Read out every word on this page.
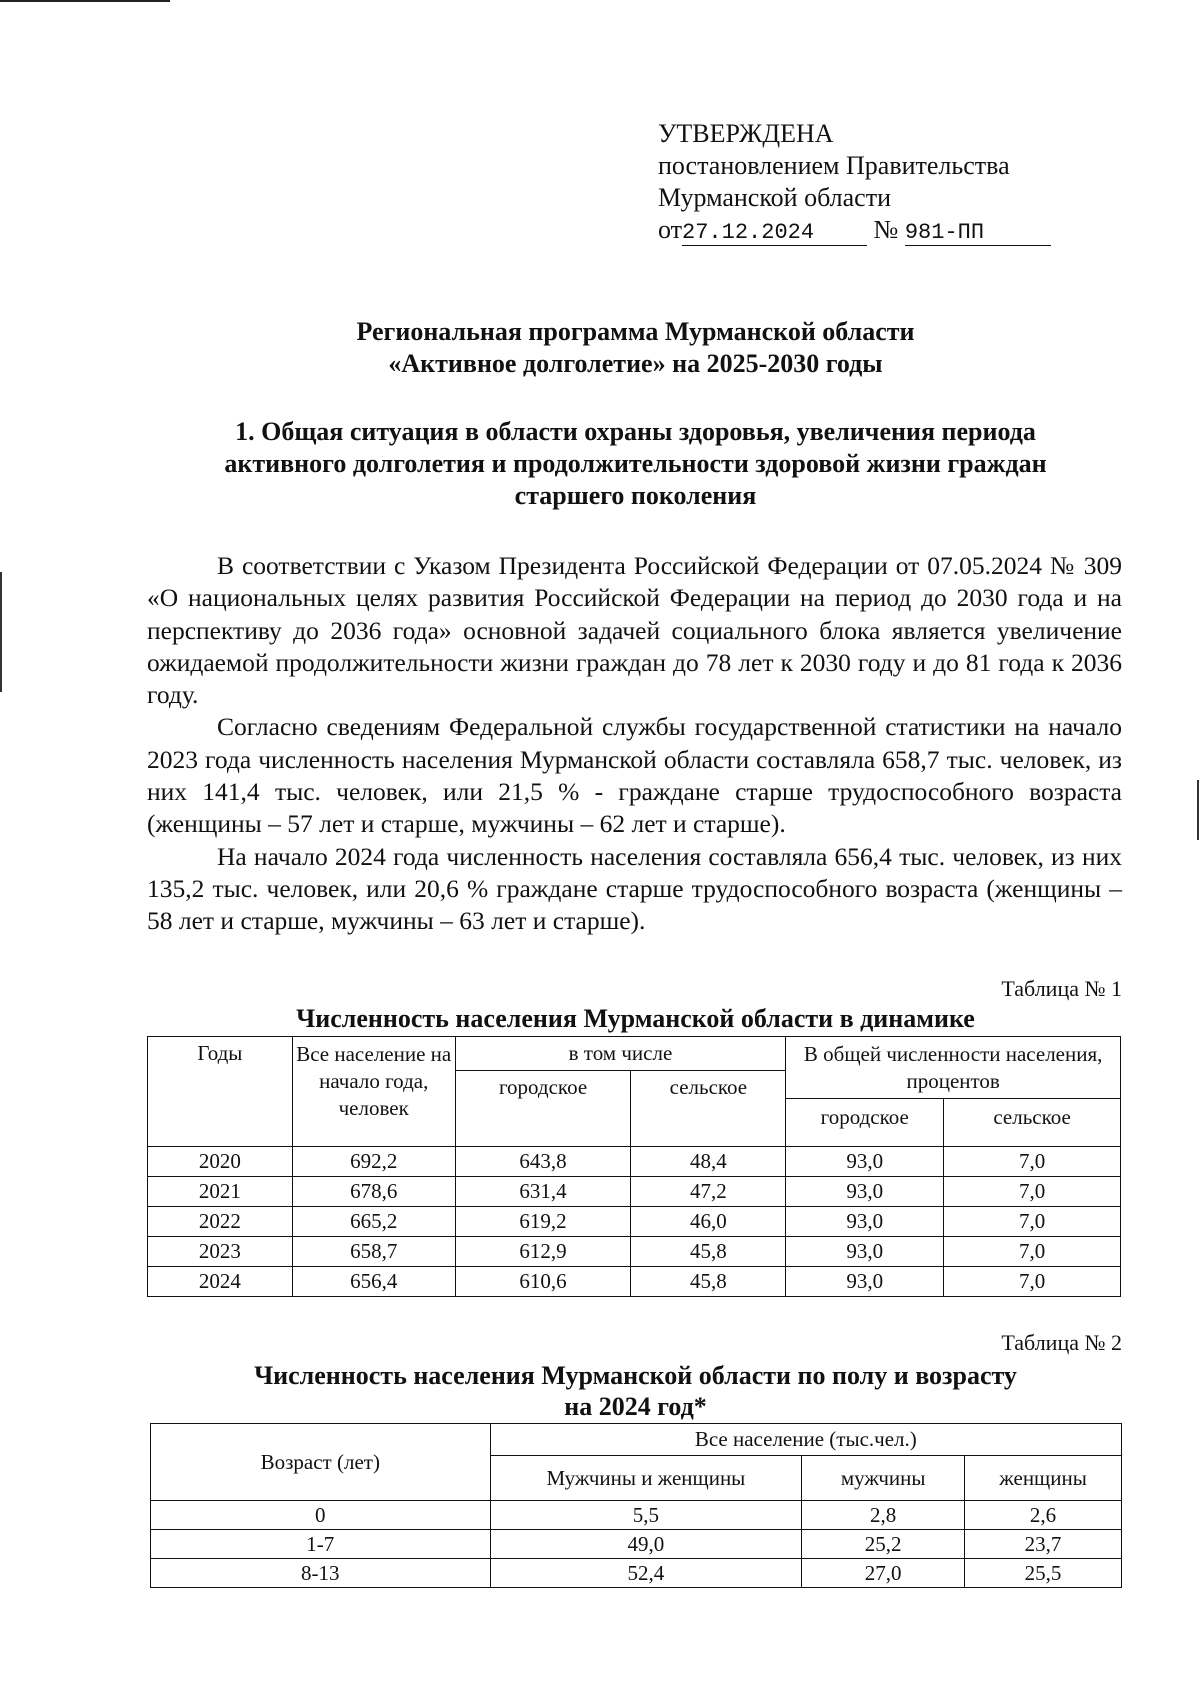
УТВЕРЖДЕНА
постановлением Правительства
Мурманской области
от27.12.2024 № 981-ПП
Региональная программа Мурманской области
«Активное долголетие» на 2025-2030 годы
1. Общая ситуация в области охраны здоровья, увеличения периода
активного долголетия и продолжительности здоровой жизни граждан
старшего поколения

В соответствии с Указом Президента Российской Федерации от 07.05.2024 № 309 «О национальных целях развития Российской Федерации на период до 2030 года и на перспективу до 2036 года» основной задачей социального блока является увеличение ожидаемой продолжительности жизни граждан до 78 лет к 2030 году и до 81 года к 2036 году.

Согласно сведениям Федеральной службы государственной статистики на начало 2023 года численность населения Мурманской области составляла 658,7 тыс. человек, из них 141,4 тыс. человек, или 21,5 % - граждане старше трудоспособного возраста (женщины – 57 лет и старше, мужчины – 62 лет и старше).

На начало 2024 года численность населения составляла 656,4 тыс. человек, из них 135,2 тыс. человек, или 20,6 % граждане старше трудоспособного возраста (женщины – 58 лет и старше, мужчины – 63 лет и старше).

Таблица № 1
Численность населения Мурманской области в динамике
Годы	Все население на начало года, человек	в том числе		В общей численности населения, процентов	
		городское	сельское		
				городское	сельское
2020	692,2	643,8	48,4	93,0	7,0
2021	678,6	631,4	47,2	93,0	7,0
2022	665,2	619,2	46,0	93,0	7,0
2023	658,7	612,9	45,8	93,0	7,0
2024	656,4	610,6	45,8	93,0	7,0
Таблица № 2
Численность населения Мурманской области по полу и возрасту
на 2024 год*
Возраст (лет)	Все население (тыс.чел.)		
	Мужчины и женщины	мужчины	женщины
0	5,5	2,8	2,6
1-7	49,0	25,2	23,7
8-13	52,4	27,0	25,5
